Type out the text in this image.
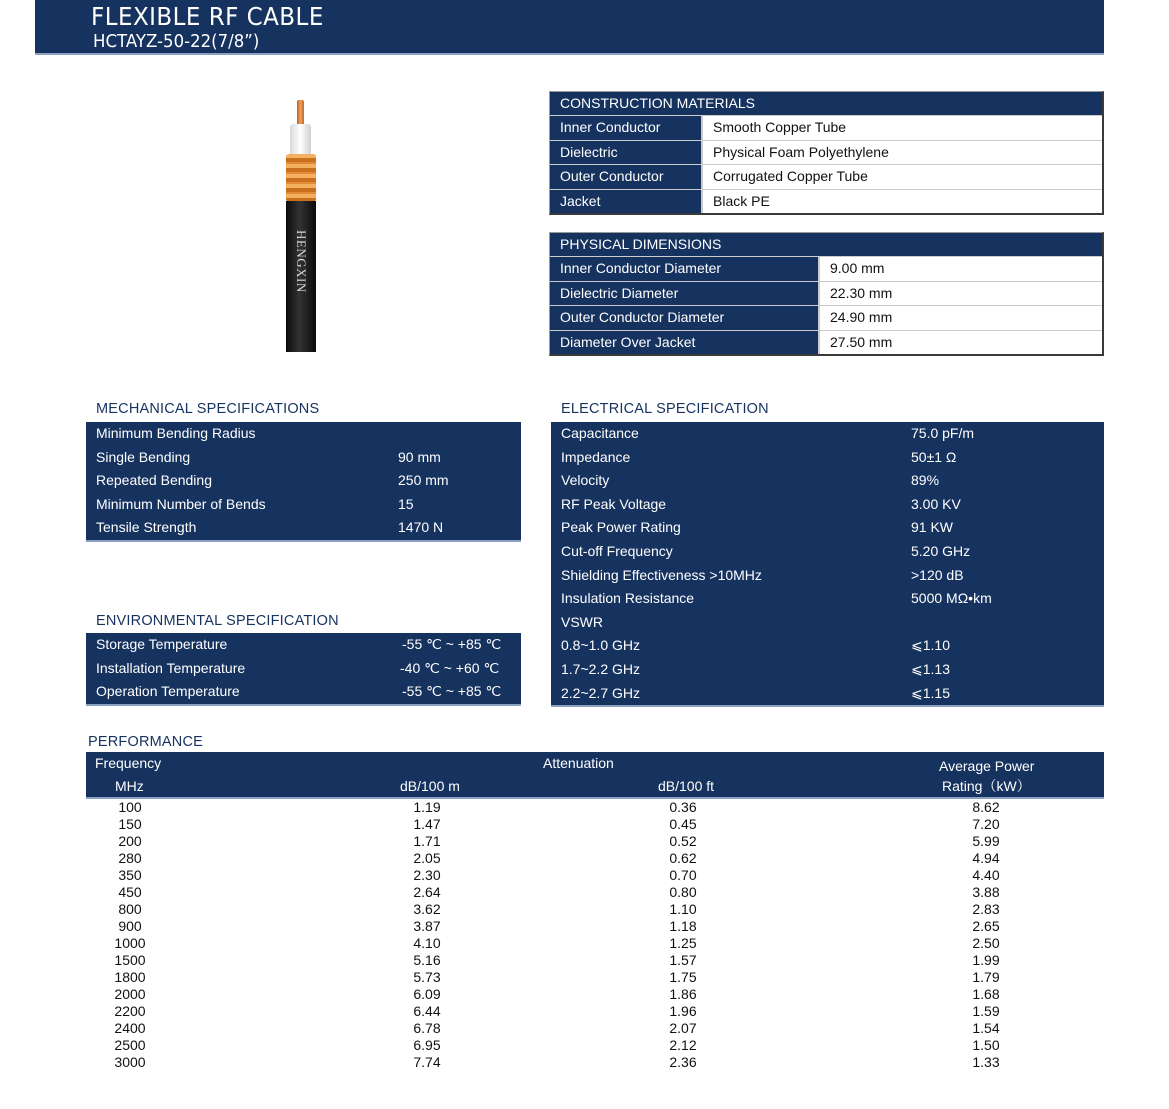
FLEXIBLE RF CABLE
HCTAYZ-50-22(7/8”)
HENGXIN
CONSTRUCTION MATERIALS
Inner Conductor	Smooth Copper Tube
Dielectric	Physical Foam Polyethylene
Outer Conductor	Corrugated Copper Tube
Jacket	Black PE
PHYSICAL DIMENSIONS
Inner Conductor Diameter	9.00 mm
Dielectric Diameter	22.30 mm
Outer Conductor Diameter	24.90 mm
Diameter Over Jacket	27.50 mm
MECHANICAL SPECIFICATIONS
Minimum Bending Radius
Single Bending	90 mm
Repeated Bending	250 mm
Minimum Number of Bends	15
Tensile Strength	1470 N
ENVIRONMENTAL SPECIFICATION
Storage Temperature	-55 ℃ ~ +85 ℃
Installation Temperature	-40 ℃ ~ +60 ℃
Operation Temperature	-55 ℃ ~ +85 ℃
ELECTRICAL SPECIFICATION
Capacitance	75.0 pF/m
Impedance	50±1 Ω
Velocity	89%
RF Peak Voltage	3.00 KV
Peak Power Rating	91 KW
Cut-off Frequency	5.20 GHz
Shielding Effectiveness >10MHz	>120 dB
Insulation Resistance	5000 MΩ•km
VSWR
0.8~1.0 GHz	⩽1.10
1.7~2.2 GHz	⩽1.13
2.2~2.7 GHz	⩽1.15
PERFORMANCE
Frequency
MHz
Attenuation
dB/100 m	dB/100 ft
Average Power
Rating（kW）
100	1.19	0.36	8.62
150	1.47	0.45	7.20
200	1.71	0.52	5.99
280	2.05	0.62	4.94
350	2.30	0.70	4.40
450	2.64	0.80	3.88
800	3.62	1.10	2.83
900	3.87	1.18	2.65
1000	4.10	1.25	2.50
1500	5.16	1.57	1.99
1800	5.73	1.75	1.79
2000	6.09	1.86	1.68
2200	6.44	1.96	1.59
2400	6.78	2.07	1.54
2500	6.95	2.12	1.50
3000	7.74	2.36	1.33
